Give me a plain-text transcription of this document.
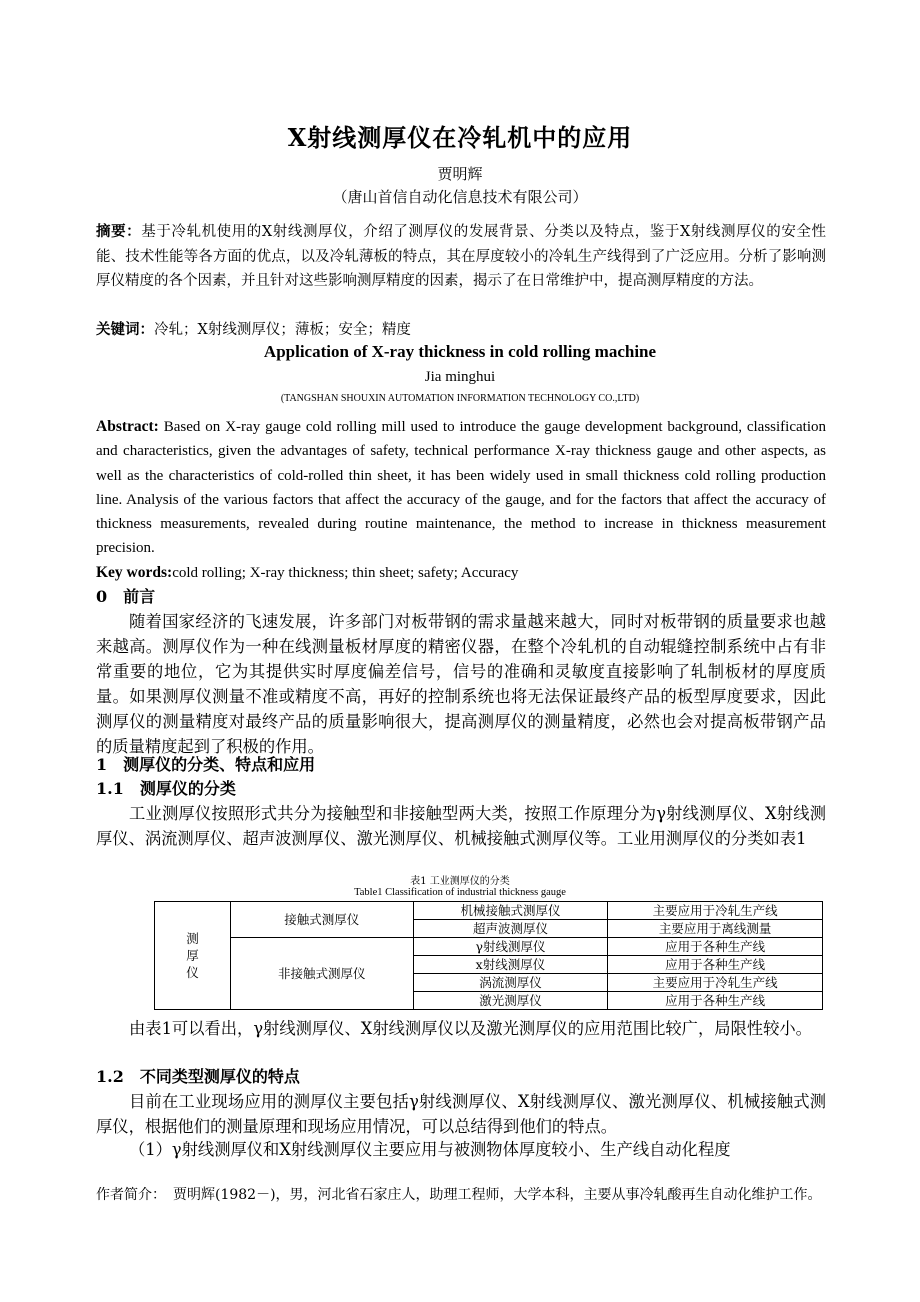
X射线测厚仪在冷轧机中的应用
贾明辉
（唐山首信自动化信息技术有限公司）
摘要：基于冷轧机使用的X射线测厚仪，介绍了测厚仪的发展背景、分类以及特点，鉴于X射线测厚仪的安全性能、技术性能等各方面的优点，以及冷轧薄板的特点，其在厚度较小的冷轧生产线得到了广泛应用。分析了影响测厚仪精度的各个因素，并且针对这些影响测厚精度的因素，揭示了在日常维护中，提高测厚精度的方法。
关键词：冷轧；X射线测厚仪；薄板；安全；精度
Application of X-ray thickness in cold rolling machine
Jia minghui
(TANGSHAN SHOUXIN AUTOMATION INFORMATION TECHNOLOGY CO.,LTD)
Abstract: Based on X-ray gauge cold rolling mill used to introduce the gauge development background, classification and characteristics, given the advantages of safety, technical performance X-ray thickness gauge and other aspects, as well as the characteristics of cold-rolled thin sheet, it has been widely used in small thickness cold rolling production line. Analysis of the various factors that affect the accuracy of the gauge, and for the factors that affect the accuracy of thickness measurements, revealed during routine maintenance, the method to increase in thickness measurement precision.
Key words:cold rolling; X-ray thickness; thin sheet; safety; Accuracy
0　前言
随着国家经济的飞速发展，许多部门对板带钢的需求量越来越大，同时对板带钢的质量要求也越来越高。测厚仪作为一种在线测量板材厚度的精密仪器，在整个冷轧机的自动辊缝控制系统中占有非常重要的地位，它为其提供实时厚度偏差信号，信号的准确和灵敏度直接影响了轧制板材的厚度质量。如果测厚仪测量不准或精度不高，再好的控制系统也将无法保证最终产品的板型厚度要求，因此测厚仪的测量精度对最终产品的质量影响很大，提高测厚仪的测量精度，必然也会对提高板带钢产品的质量精度起到了积极的作用。
1　测厚仪的分类、特点和应用
1.1　测厚仪的分类
工业测厚仪按照形式共分为接触型和非接触型两大类，按照工作原理分为γ射线测厚仪、X射线测厚仪、涡流测厚仪、超声波测厚仪、激光测厚仪、机械接触式测厚仪等。工业用测厚仪的分类如表1
表1 工业测厚仪的分类
Table1 Classification of industrial thickness gauge
测
厚
仪	接触式测厚仪	机械接触式测厚仪	主要应用于冷轧生产线
		超声波测厚仪	主要应用于离线测量
	非接触式测厚仪	γ射线测厚仪	应用于各种生产线
		x射线测厚仪	应用于各种生产线
		涡流测厚仪	主要应用于冷轧生产线
		激光测厚仪	应用于各种生产线
由表1可以看出，γ射线测厚仪、X射线测厚仪以及激光测厚仪的应用范围比较广，局限性较小。
1.2　不同类型测厚仪的特点
目前在工业现场应用的测厚仪主要包括γ射线测厚仪、X射线测厚仪、激光测厚仪、机械接触式测厚仪，根据他们的测量原理和现场应用情况，可以总结得到他们的特点。
（1）γ射线测厚仪和X射线测厚仪主要应用与被测物体厚度较小、生产线自动化程度
作者简介：　贾明辉(1982－)，男，河北省石家庄人，助理工程师，大学本科，主要从事冷轧酸再生自动化维护工作。
